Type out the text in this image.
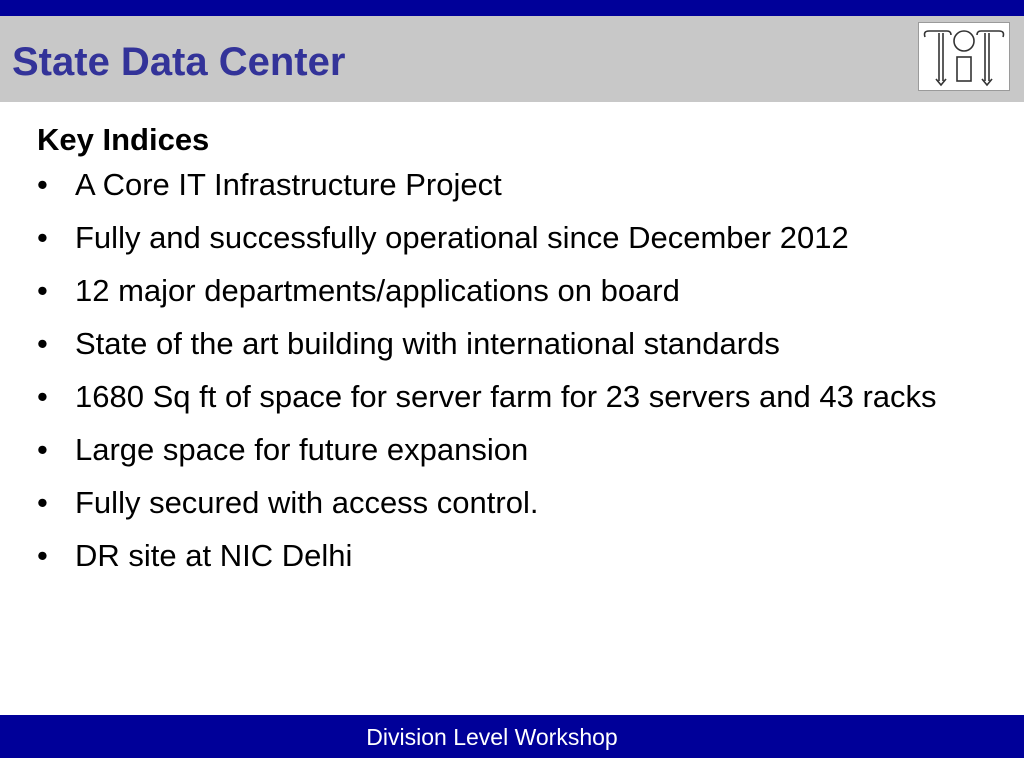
State Data Center
Key Indices
• A Core IT Infrastructure Project
• Fully and successfully operational since December 2012
• 12 major departments/applications on board
• State of the art building with international standards
• 1680 Sq ft of space for server farm for 23 servers and 43 racks
• Large space for future expansion
• Fully secured with access control.
• DR site at NIC Delhi
Division Level Workshop
